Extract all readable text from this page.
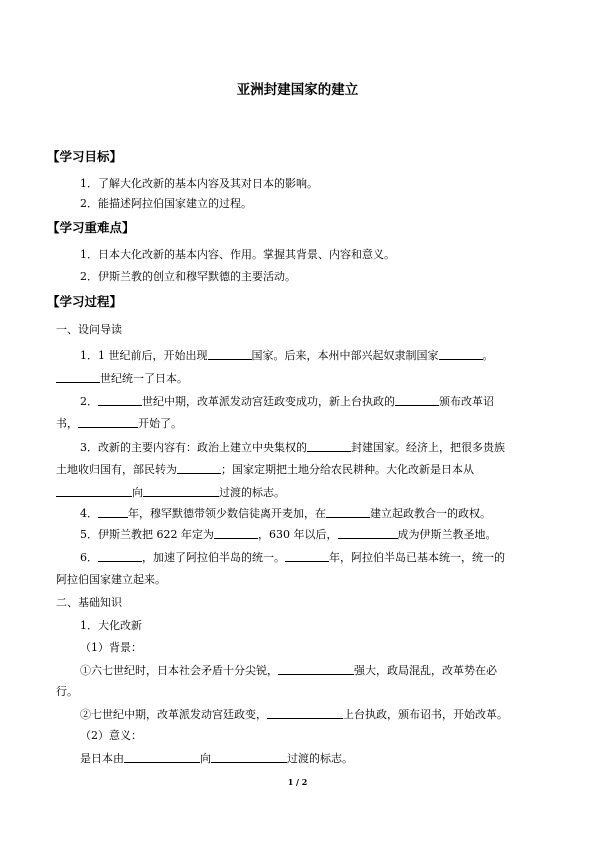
亚洲封建国家的建立
【学习目标】
1．了解大化改新的基本内容及其对日本的影响。
2．能描述阿拉伯国家建立的过程。
【学习重难点】
1．日本大化改新的基本内容、作用。掌握其背景、内容和意义。
2．伊斯兰教的创立和穆罕默德的主要活动。
【学习过程】
一、设问导读
1．1 世纪前后，开始出现	国家。后来，本州中部兴起奴隶制国家	。
世纪统一了日本。
2．	世纪中期，改革派发动宫廷政变成功，新上台执政的	颁布改革诏
书，	开始了。
3．改新的主要内容有：政治上建立中央集权的	封建国家。经济上，把很多贵族
土地收归国有，部民转为	；国家定期把土地分给农民耕种。大化改新是日本从
向	过渡的标志。
4．	年，穆罕默德带领少数信徒离开麦加，在	建立起政教合一的政权。
5．伊斯兰教把 622 年定为	，630 年以后，	成为伊斯兰教圣地。
6．	，加速了阿拉伯半岛的统一。	年，阿拉伯半岛已基本统一，统一的
阿拉伯国家建立起来。
二、基础知识
1．大化改新
（1）背景：
①六七世纪时，日本社会矛盾十分尖锐，	强大，政局混乱，改革势在必
行。
②七世纪中期，改革派发动宫廷政变，	上台执政，颁布诏书，开始改革。
（2）意义：
是日本由	向	过渡的标志。
1 / 2
